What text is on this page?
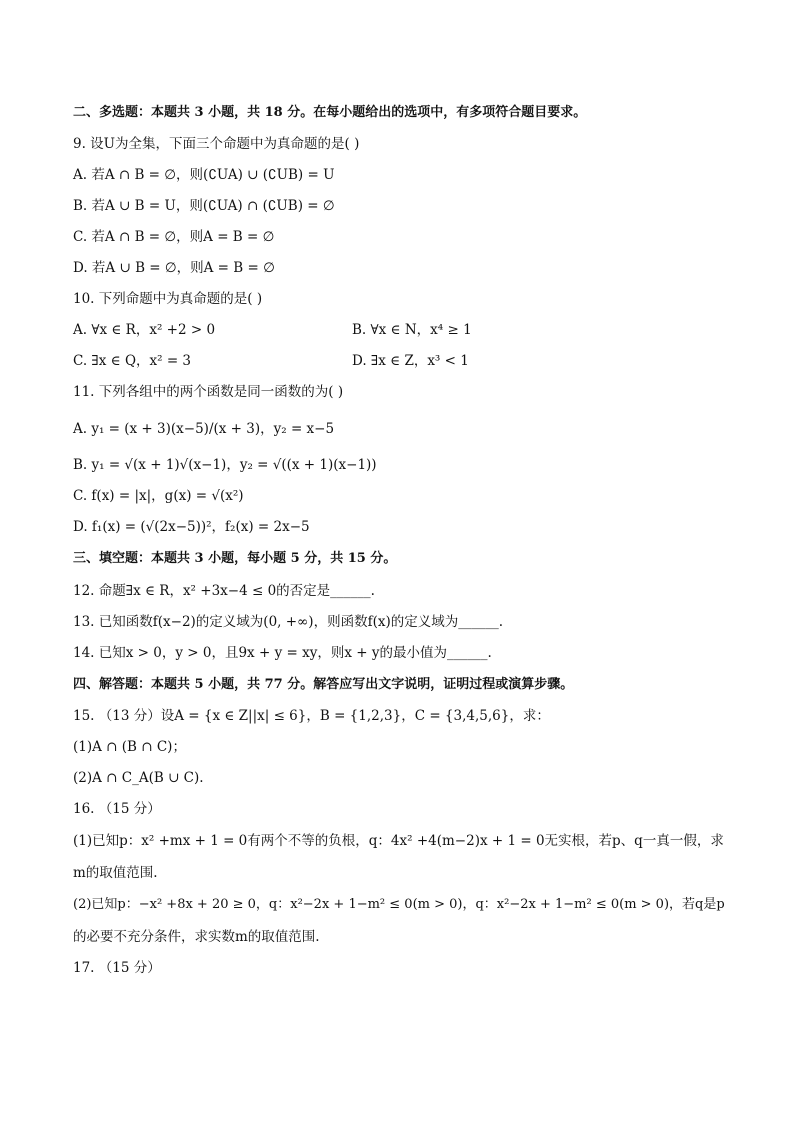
二、多选题：本题共 3 小题，共 18 分。在每小题给出的选项中，有多项符合题目要求。
9. 设U为全集，下面三个命题中为真命题的是( )
A. 若A ∩ B = ∅，则(∁UA) ∪ (∁UB) = U
B. 若A ∪ B = U，则(∁UA) ∩ (∁UB) = ∅
C. 若A ∩ B = ∅，则A = B = ∅
D. 若A ∪ B = ∅，则A = B = ∅
10. 下列命题中为真命题的是( )
A. ∀x ∈ R，x² +2 > 0	B. ∀x ∈ N，x⁴ ≥ 1
C. ∃x ∈ Q，x² = 3	D. ∃x ∈ Z，x³ < 1
11. 下列各组中的两个函数是同一函数的为( )
A. y₁ = (x + 3)(x−5)/(x + 3)，y₂ = x−5
B. y₁ = √(x + 1)√(x−1)，y₂ = √((x + 1)(x−1))
C. f(x) = |x|，g(x) = √(x²)
D. f₁(x) = (√(2x−5))²，f₂(x) = 2x−5
三、填空题：本题共 3 小题，每小题 5 分，共 15 分。
12. 命题∃x ∈ R，x² +3x−4 ≤ 0的否定是______.
13. 已知函数f(x−2)的定义域为(0, +∞)，则函数f(x)的定义域为______.
14. 已知x > 0，y > 0，且9x + y = xy，则x + y的最小值为______.
四、解答题：本题共 5 小题，共 77 分。解答应写出文字说明，证明过程或演算步骤。
15. （13 分）设A = {x ∈ Z||x| ≤ 6}，B = {1,2,3}，C = {3,4,5,6}，求：
(1)A ∩ (B ∩ C)；
(2)A ∩ C_A(B ∪ C).
16. （15 分）
(1)已知p：x² +mx + 1 = 0有两个不等的负根，q：4x² +4(m−2)x + 1 = 0无实根，若p、q一真一假，求
m的取值范围.
(2)已知p：−x² +8x + 20 ≥ 0，q：x²−2x + 1−m² ≤ 0(m > 0)，q：x²−2x + 1−m² ≤ 0(m > 0)，若q是p
的必要不充分条件，求实数m的取值范围.
17. （15 分）
